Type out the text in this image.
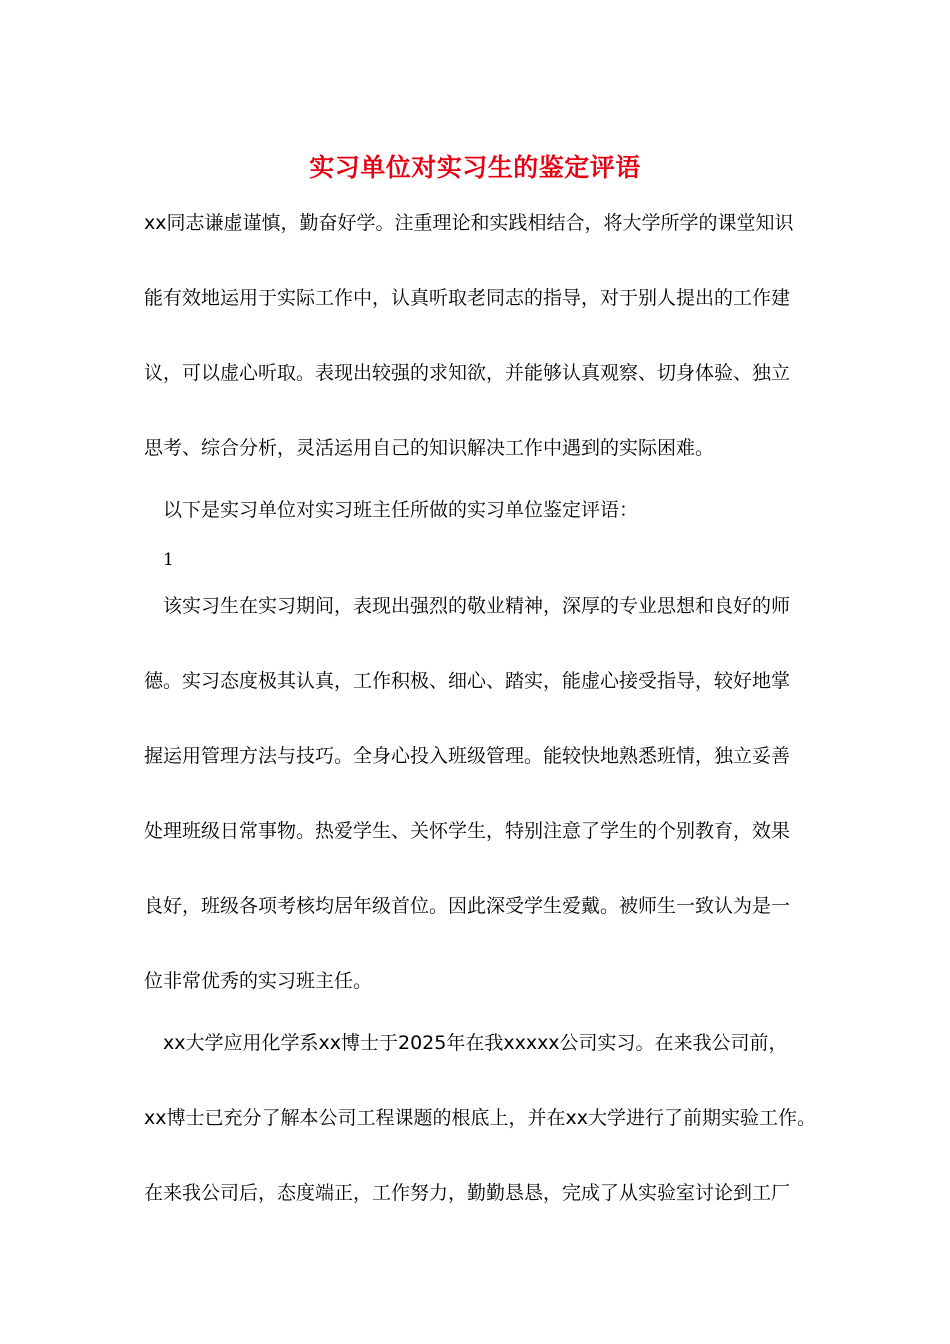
实习单位对实习生的鉴定评语
xx同志谦虚谨慎，勤奋好学。注重理论和实践相结合，将大学所学的课堂知识
能有效地运用于实际工作中，认真听取老同志的指导，对于别人提出的工作建
议，可以虚心听取。表现出较强的求知欲，并能够认真观察、切身体验、独立
思考、综合分析，灵活运用自己的知识解决工作中遇到的实际困难。
以下是实习单位对实习班主任所做的实习单位鉴定评语：
1
该实习生在实习期间，表现出强烈的敬业精神，深厚的专业思想和良好的师
德。实习态度极其认真，工作积极、细心、踏实，能虚心接受指导，较好地掌
握运用管理方法与技巧。全身心投入班级管理。能较快地熟悉班情，独立妥善
处理班级日常事物。热爱学生、关怀学生，特别注意了学生的个别教育，效果
良好，班级各项考核均居年级首位。因此深受学生爱戴。被师生一致认为是一
位非常优秀的实习班主任。
xx大学应用化学系xx博士于2025年在我xxxxx公司实习。在来我公司前，
xx博士已充分了解本公司工程课题的根底上，并在xx大学进行了前期实验工作。
在来我公司后，态度端正，工作努力，勤勤恳恳，完成了从实验室讨论到工厂
